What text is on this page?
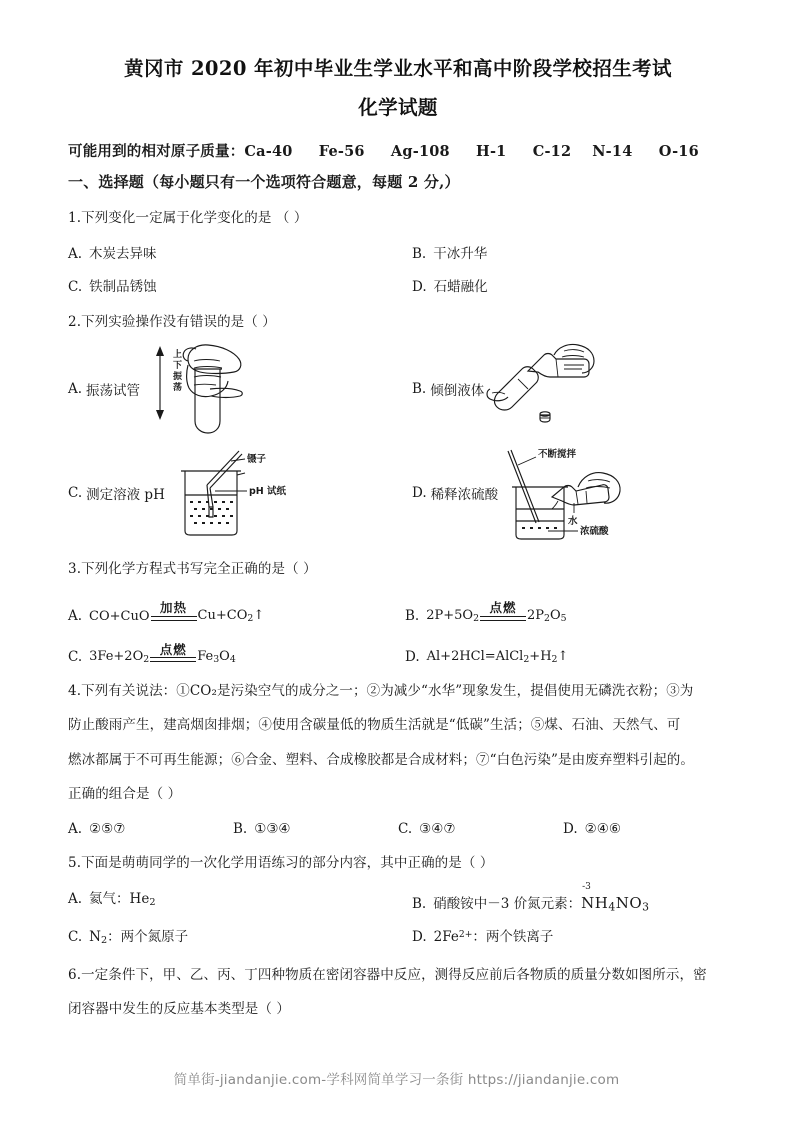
黄冈市 2020 年初中毕业生学业水平和高中阶段学校招生考试
化学试题
可能用到的相对原子质量：Ca-40     Fe-56     Ag-108     H-1     C-12    N-14     O-16
一、选择题（每小题只有一个选项符合题意，每题 2 分,）
1.下列变化一定属于化学变化的是 （ ）
A. 木炭去异味	B. 干冰升华
C. 铁制品锈蚀	D. 石蜡融化
2.下列实验操作没有错误的是（ ）
A. 振荡试管
上
下
振
荡	B. 倾倒液体
C. 测定溶液 pH
镊子
pH 试纸	D. 稀释浓硫酸
不断搅拌
水
浓硫酸
3.下列化学方程式书写完全正确的是（ ）
A. CO+CuO
加热 $Cu+CO_2↑$	B. $2P+5O_2$
点燃 $2P_2O_5$
C. $3Fe+2O_2$
点燃 $Fe_3O_4$	D. $Al+2HCl=AlCl_2+H_2↑$
4.下列有关说法：①CO₂是污染空气的成分之一；②为减少“水华”现象发生，提倡使用无磷洗衣粉；③为
防止酸雨产生，建高烟囱排烟；④使用含碳量低的物质生活就是“低碳”生活；⑤煤、石油、天然气、可
燃冰都属于不可再生能源；⑥合金、塑料、合成橡胶都是合成材料；⑦“白色污染”是由废弃塑料引起的。
正确的组合是（ ）
A. ②⑤⑦	B. ①③④	C. ③④⑦	D. ②④⑥
5.下面是萌萌同学的一次化学用语练习的部分内容，其中正确的是（ ）
A. 氦气：$He_2$	B. 硝酸铵中－3 价氮元素：
-3
$NH_4NO_3$
C. $N_2$：两个氮原子	D. $2Fe^{2+}$：两个铁离子
6.一定条件下，甲、乙、丙、丁四种物质在密闭容器中反应，测得反应前后各物质的质量分数如图所示，密
闭容器中发生的反应基本类型是（ ）
简单街-jiandanjie.com-学科网简单学习一条街 https://jiandanjie.com
